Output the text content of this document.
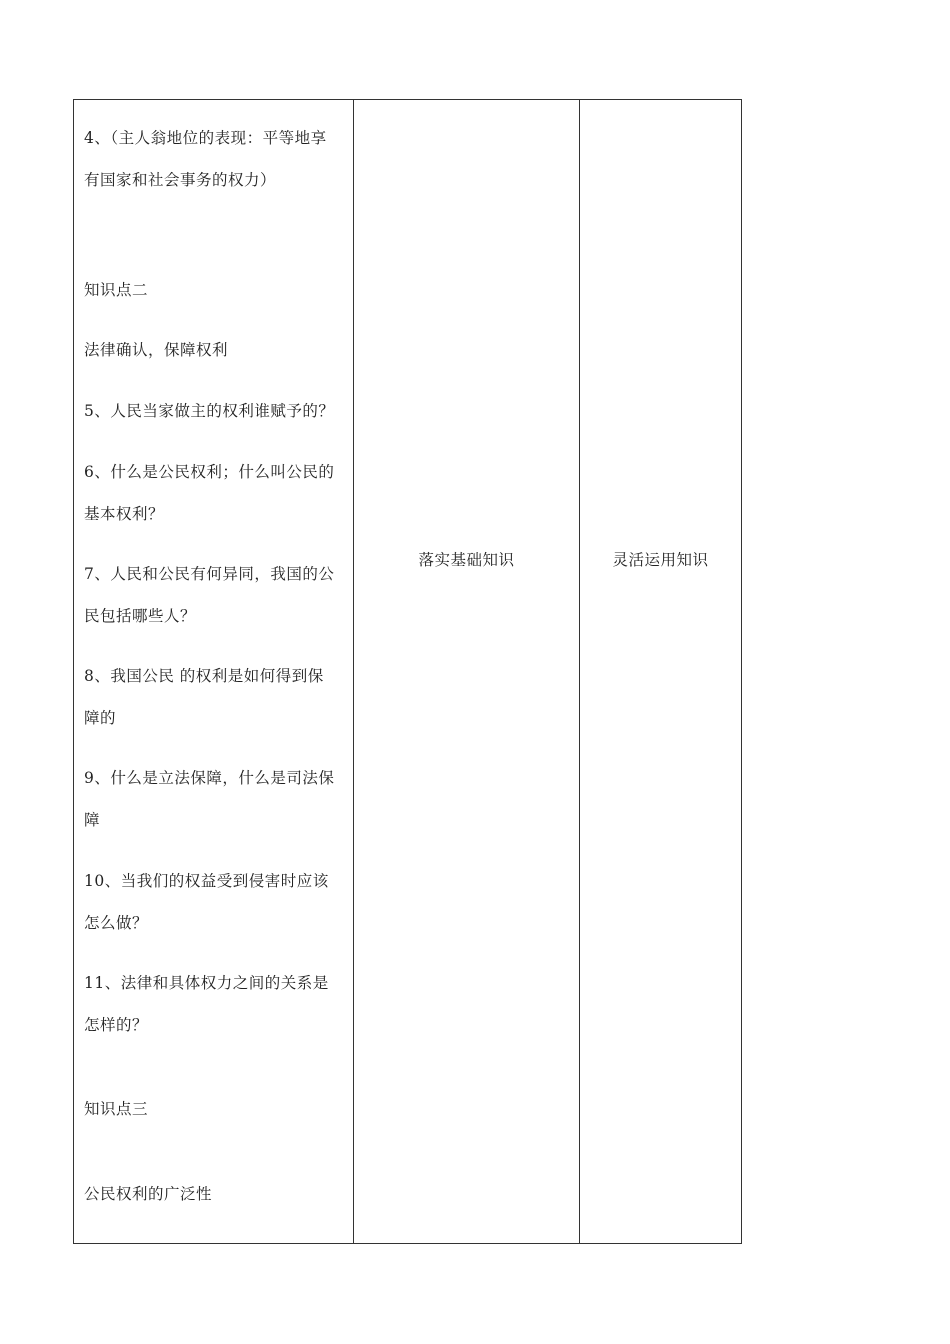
4、（主人翁地位的表现：平等地享
有国家和社会事务的权力）
知识点二
法律确认，保障权利
5、人民当家做主的权利谁赋予的？
6、什么是公民权利；什么叫公民的
基本权利？
7、人民和公民有何异同，我国的公
民包括哪些人？
8、我国公民 的权利是如何得到保
障的
9、什么是立法保障，什么是司法保
障
10、当我们的权益受到侵害时应该
怎么做？
11、法律和具体权力之间的关系是
怎样的？
知识点三
公民权利的广泛性
落实基础知识	灵活运用知识
